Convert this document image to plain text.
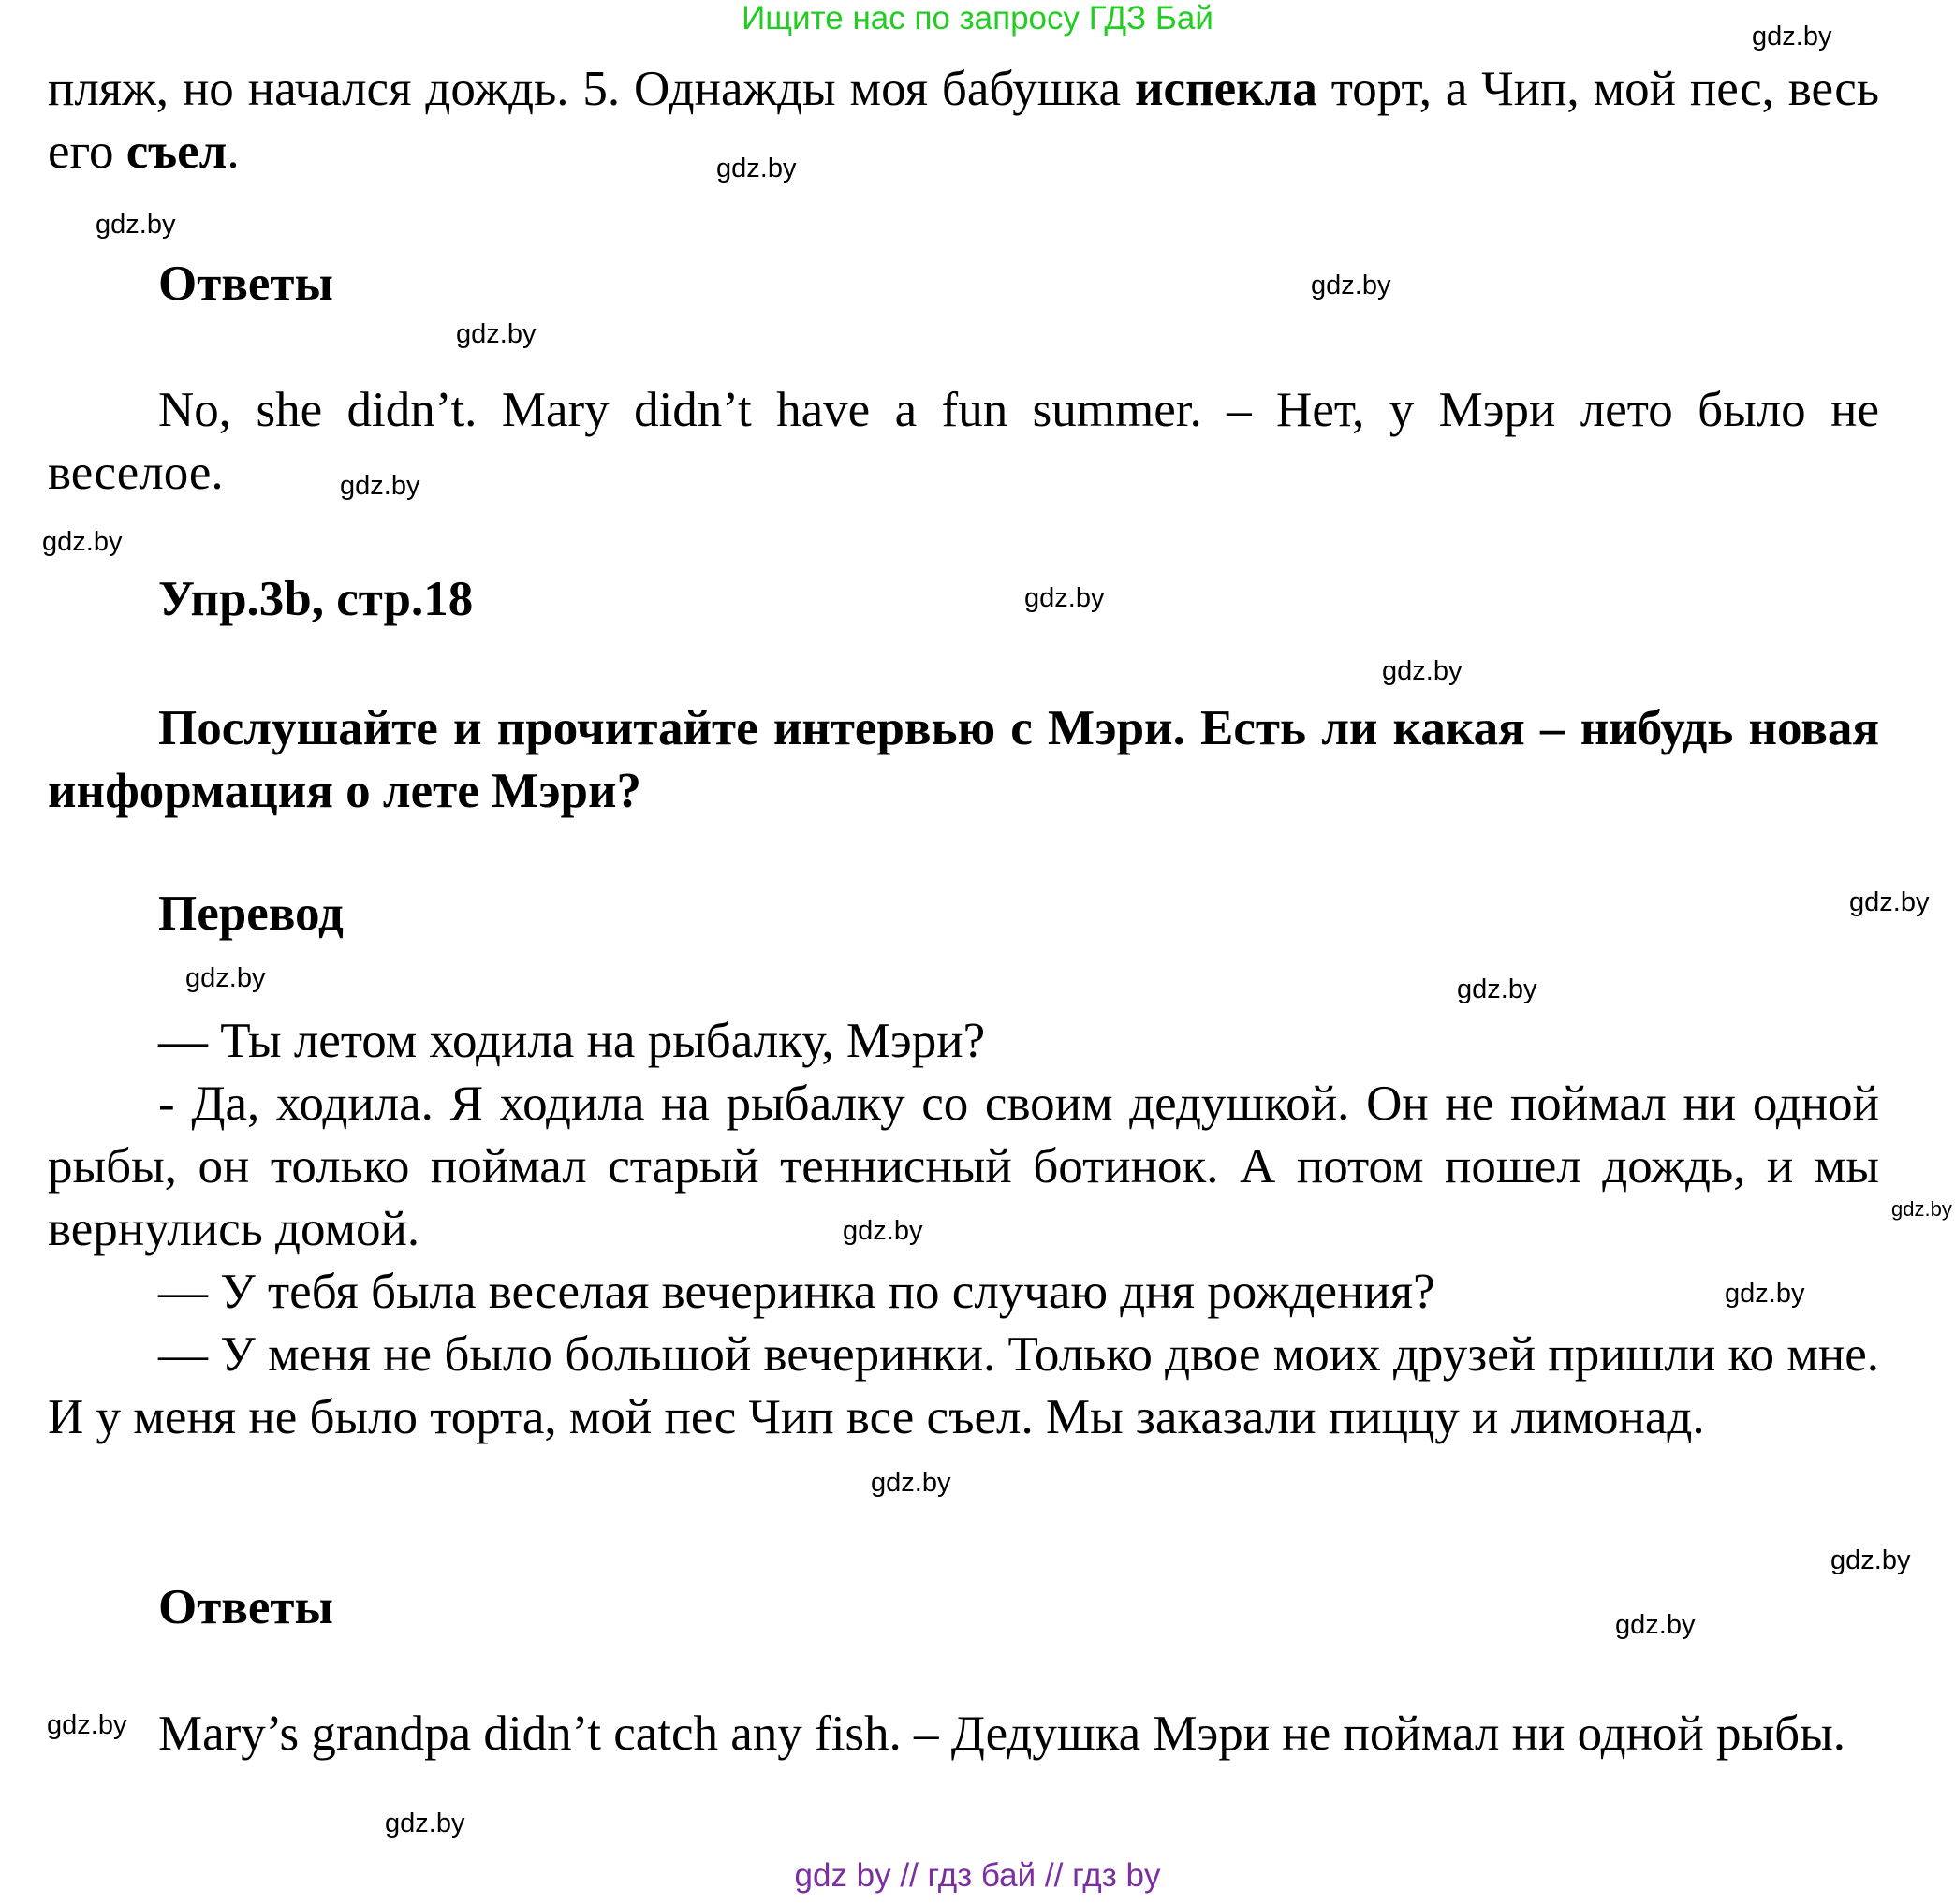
Ищите нас по запросу ГДЗ Бай
пляж, но начался дождь. 5. Однажды моя бабушка испекла торт, а Чип, мой пес, весь его съел.
Ответы
No, she didn’t. Mary didn’t have a fun summer. – Нет, у Мэри лето было не веселое.
Упр.3b, стр.18
Послушайте и прочитайте интервью с Мэри. Есть ли какая – нибудь новая информация о лете Мэри?
Перевод

— Ты летом ходила на рыбалку, Мэри?

- Да, ходила. Я ходила на рыбалку со своим дедушкой. Он не поймал ни одной рыбы, он только поймал старый теннисный ботинок. А потом пошел дождь, и мы вернулись домой.

— У тебя была веселая вечеринка по случаю дня рождения?

— У меня не было большой вечеринки. Только двое моих друзей пришли ко мне. И у меня не было торта, мой пес Чип все съел. Мы заказали пиццу и лимонад.

Ответы
Mary’s grandpa didn’t catch any fish. – Дедушка Мэри не поймал ни одной рыбы.
gdz.by
gdz.by
gdz.by
gdz.by
gdz.by
gdz.by
gdz.by
gdz.by
gdz.by
gdz.by
gdz.by	gdz.by
gdz.by
gdz.by
gdz.by
gdz.by
gdz.by
gdz.by
gdz.by
gdz.by
gdz by // гдз бай // гдз by
